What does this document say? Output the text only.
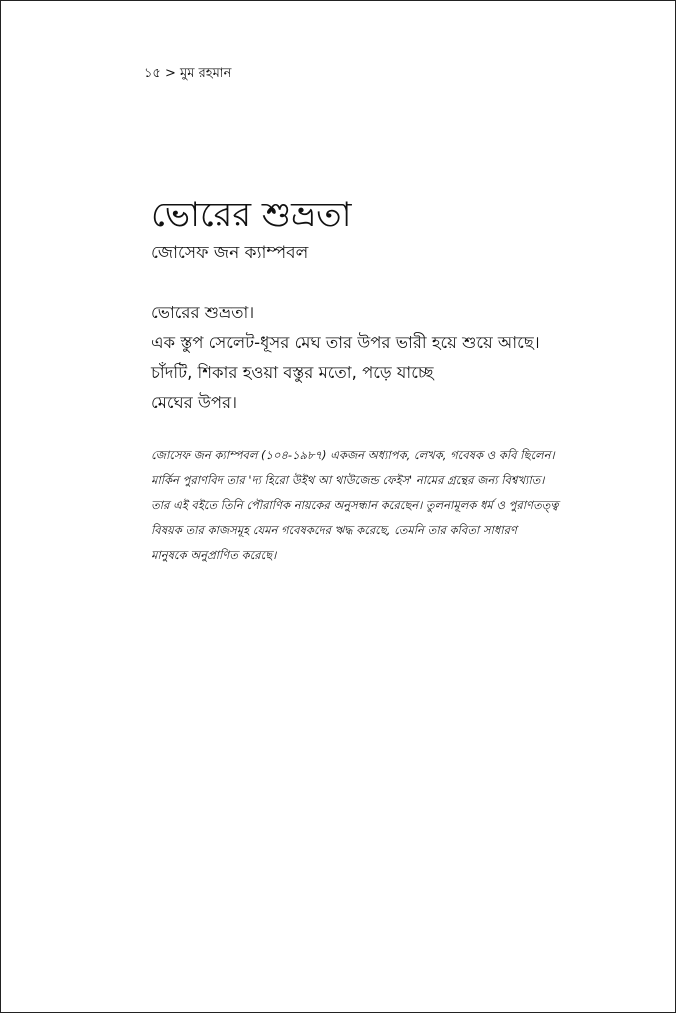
১৫ > মুম রহমান
ভোরের শুভ্রতা
জোসেফ জন ক্যাম্পবল
ভোরের শুভ্রতা।
এক স্তুপ সেলেট-ধূসর মেঘ তার উপর ভারী হয়ে শুয়ে আছে।
চাঁদটি, শিকার হওয়া বস্তুর মতো, পড়ে যাচ্ছে
মেঘের উপর।
জোসেফ জন ক্যাম্পবল (১০৪-১৯৮৭) একজন অধ্যাপক, লেখক, গবেষক ও কবি ছিলেন।
মার্কিন পুরাণবিদ তার 'দ্য হিরো উইথ আ থাউজেন্ড ফেইস' নামের গ্রন্থের জন্য বিশ্বখ্যাত।
তার এই বইতে তিনি পৌরাণিক নায়কের অনুসন্ধান করেছেন। তুলনামূলক ধর্ম ও পুরাণতত্ত্ব
বিষয়ক তার কাজসমূহ যেমন গবেষকদের ঋদ্ধ করেছে, তেমনি তার কবিতা সাধারণ
মানুষকে অনুপ্রাণিত করেছে।
